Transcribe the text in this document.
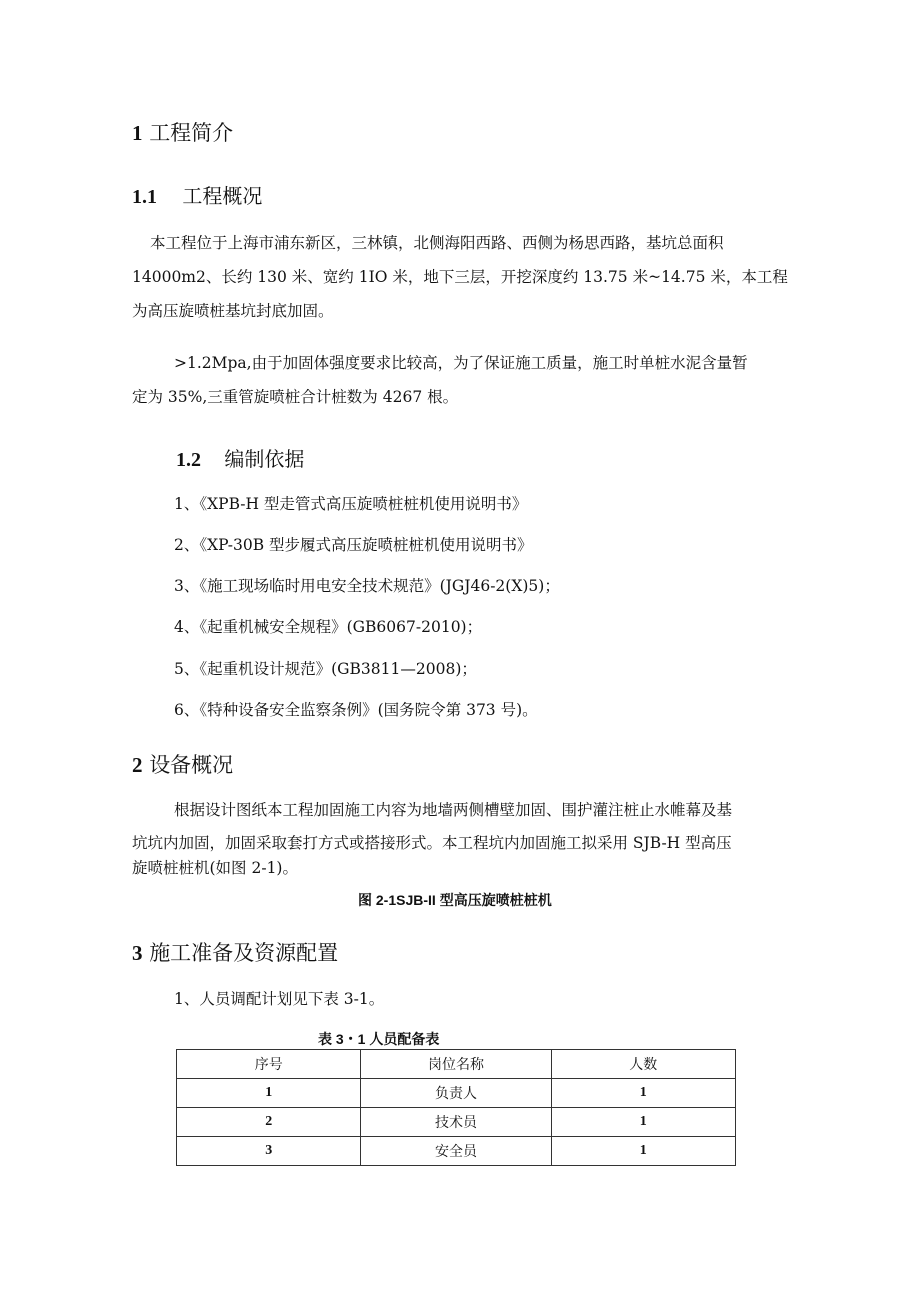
1 工程简介
1.1 工程概况
本工程位于上海市浦东新区，三林镇，北侧海阳西路、西侧为杨思西路，基坑总面积
14000m2、长约 130 米、宽约 1IO 米，地下三层，开挖深度约 13.75 米~14.75 米，本工程
为高压旋喷桩基坑封底加固。
>1.2Mpa,由于加固体强度要求比较高，为了保证施工质量，施工时单桩水泥含量暂
定为 35%,三重管旋喷桩合计桩数为 4267 根。
1.2 编制依据
1、《XPB-H 型走管式高压旋喷桩桩机使用说明书》
2、《XP-30B 型步履式高压旋喷桩桩机使用说明书》
3、《施工现场临时用电安全技术规范》(JGJ46-2(X)5)；
4、《起重机械安全规程》(GB6067-2010)；
5、《起重机设计规范》(GB3811—2008)；
6、《特种设备安全监察条例》(国务院令第 373 号)。
2 设备概况
根据设计图纸本工程加固施工内容为地墙两侧槽壁加固、围护灌注桩止水帷幕及基
坑坑内加固，加固采取套打方式或搭接形式。本工程坑内加固施工拟采用 SJB-H 型高压
旋喷桩桩机(如图 2-1)。
图 2-1SJB-II 型高压旋喷桩桩机
3 施工准备及资源配置
1、人员调配计划见下表 3-1。
表 3・1 人员配备表
序号	岗位名称	人数
1	负责人	1
2	技术员	1
3	安全员	1
